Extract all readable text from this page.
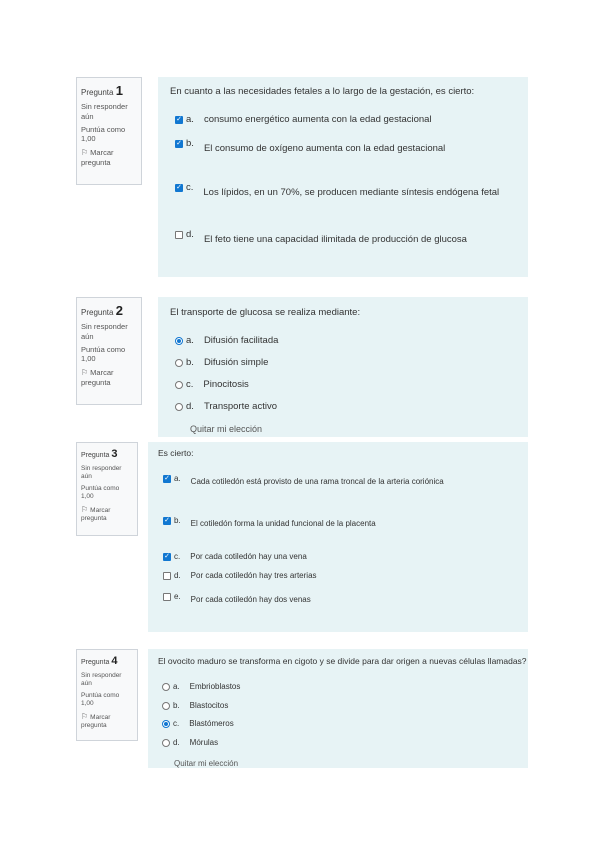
Pregunta 1
Sin responder aún
Puntúa como 1,00
⚐ Marcar pregunta
En cuanto a las necesidades fetales a lo largo de la gestación, es cierto:
✓ a. consumo energético aumenta con la edad gestacional
✓ b. El consumo de oxígeno aumenta con la edad gestacional
✓ c. Los lípidos, en un 70%, se producen mediante síntesis endógena fetal
d. El feto tiene una capacidad ilimitada de producción de glucosa
Pregunta 2
Sin responder aún
Puntúa como 1,00
⚐ Marcar pregunta
El transporte de glucosa se realiza mediante:
a. Difusión facilitada
b. Difusión simple
c. Pinocitosis
d. Transporte activo
Quitar mi elección
Pregunta 3
Sin responder aún
Puntúa como 1,00
⚐ Marcar pregunta
Es cierto:
✓ a. Cada cotiledón está provisto de una rama troncal de la arteria coriónica
✓ b. El cotiledón forma la unidad funcional de la placenta
✓ c. Por cada cotiledón hay una vena
d. Por cada cotiledón hay tres arterias
e. Por cada cotiledón hay dos venas
Pregunta 4
Sin responder aún
Puntúa como 1,00
⚐ Marcar pregunta
El ovocito maduro se transforma en cigoto y se divide para dar origen a nuevas células llamadas?
a. Embrioblastos
b. Blastocitos
c. Blastómeros
d. Mórulas
Quitar mi elección
